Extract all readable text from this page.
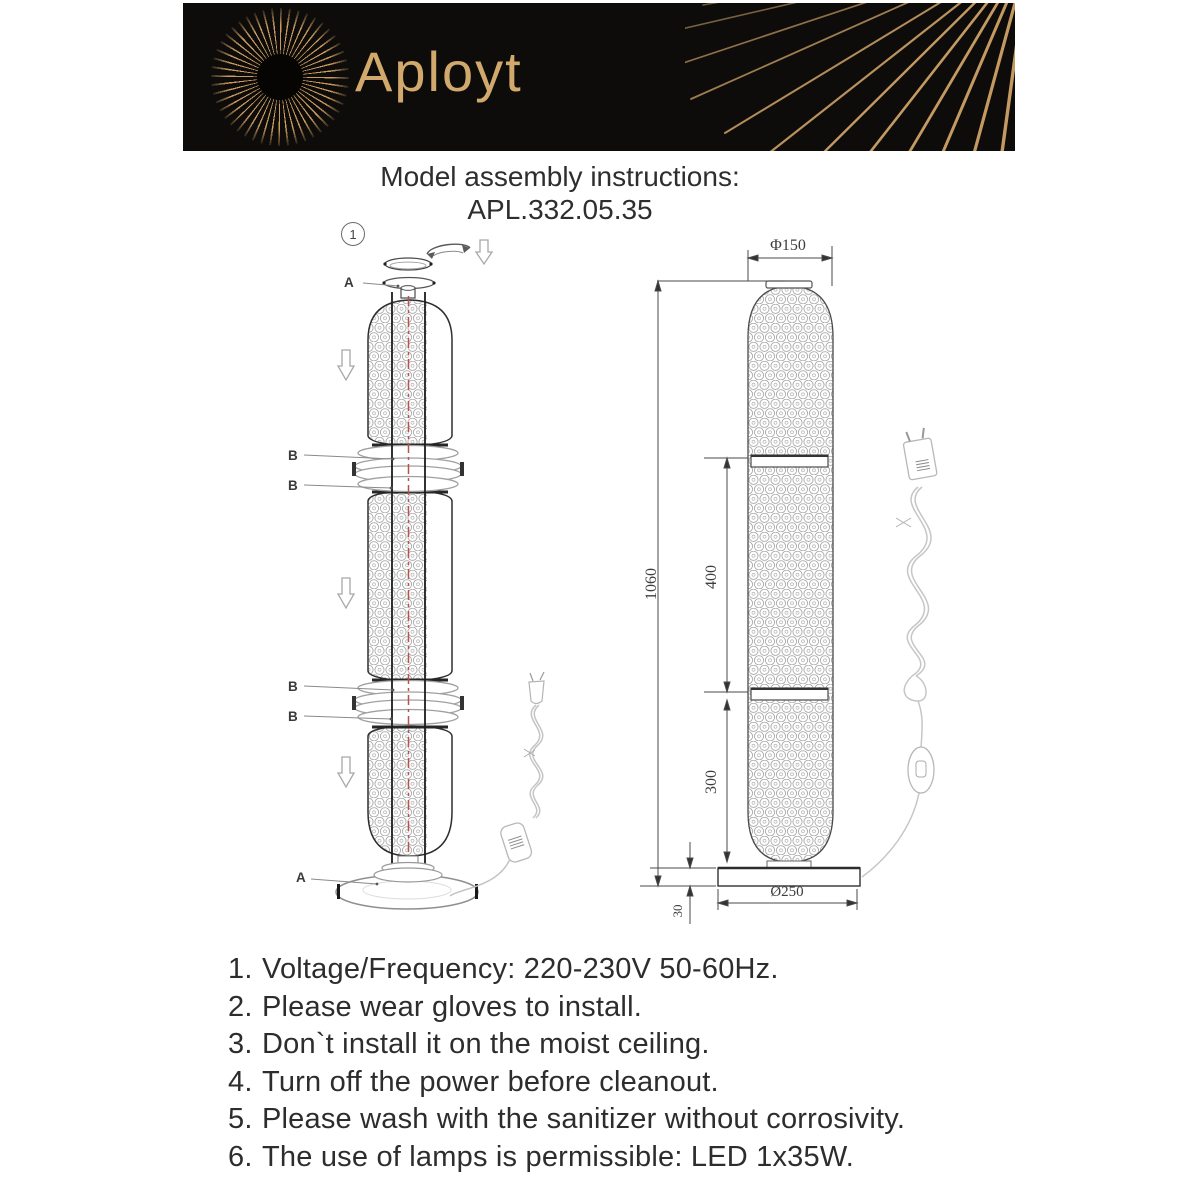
Aployt
Model assembly instructions:
APL.332.05.35
1
A
B
B
B
B
A
Φ150
1060	400
300
30
Ø250
1. Voltage/Frequency: 220-230V 50-60Hz.
2. Please wear gloves to install.
3. Don`t install it on the moist ceiling.
4. Turn off the power before cleanout.
5. Please wash with the sanitizer without corrosivity.
6. The use of lamps is permissible: LED 1x35W.
